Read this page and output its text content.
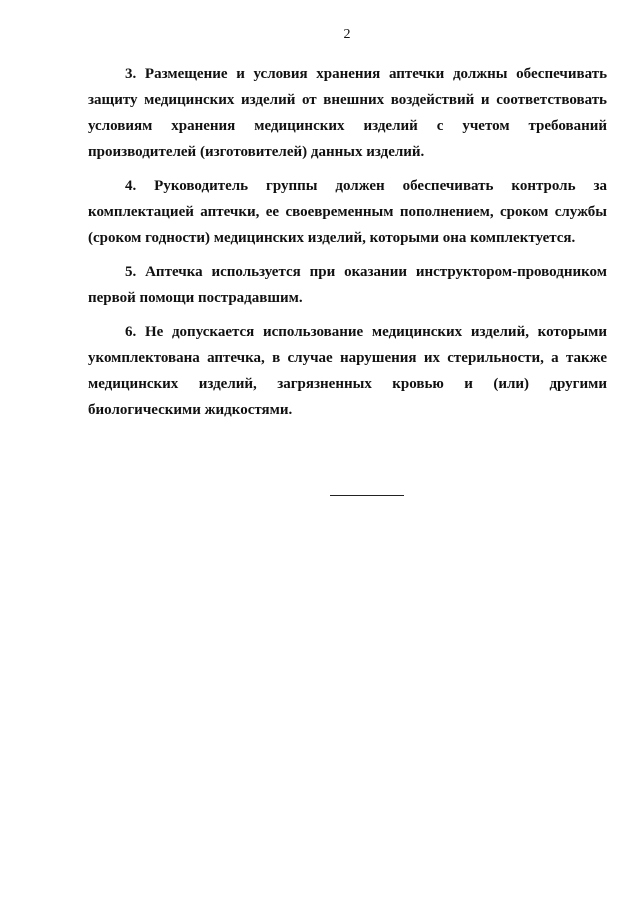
2

3. Размещение и условия хранения аптечки должны обеспечивать защиту медицинских изделий от внешних воздействий и соответствовать условиям хранения медицинских изделий с учетом требований производителей (изготовителей) данных изделий.

4. Руководитель группы должен обеспечивать контроль за комплектацией аптечки, ее своевременным пополнением, сроком службы (сроком годности) медицинских изделий, которыми она комплектуется.

5. Аптечка используется при оказании инструктором-проводником первой помощи пострадавшим.

6. Не допускается использование медицинских изделий, которыми укомплектована аптечка, в случае нарушения их стерильности, а также медицинских изделий, загрязненных кровью и (или) другими биологическими жидкостями.
